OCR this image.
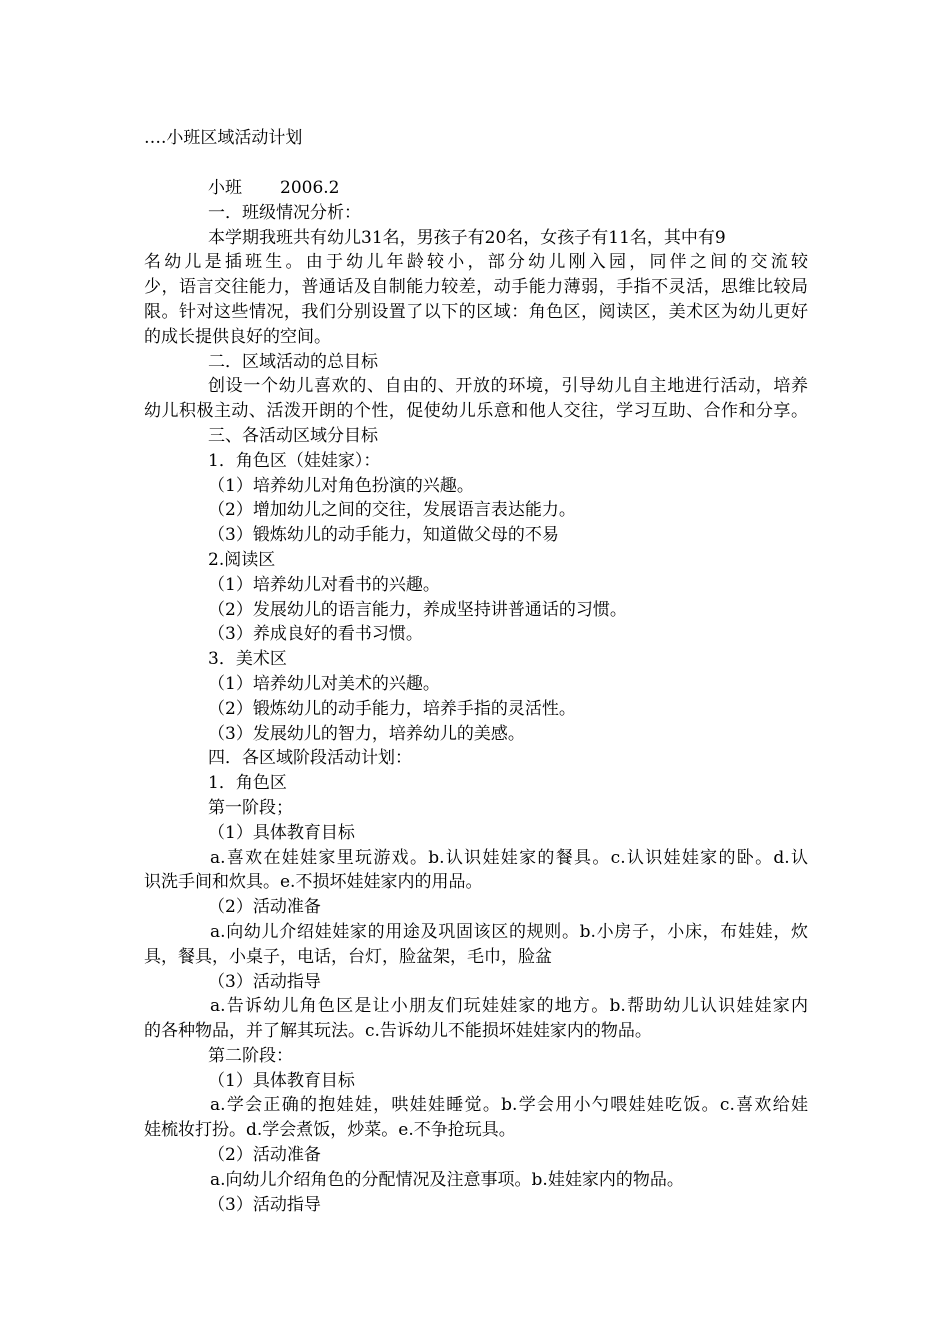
….小班区域活动计划
小班 2006.2
一．班级情况分析：
本学期我班共有幼儿31名，男孩子有20名，女孩子有11名，其中有9
名幼儿是插班生。由于幼儿年龄较小，部分幼儿刚入园，同伴之间的交流较
少，语言交往能力，普通话及自制能力较差，动手能力薄弱，手指不灵活，思维比较局
限。针对这些情况，我们分别设置了以下的区域：角色区，阅读区，美术区为幼儿更好
的成长提供良好的空间。
二．区域活动的总目标
创设一个幼儿喜欢的、自由的、开放的环境，引导幼儿自主地进行活动，培养
幼儿积极主动、活泼开朗的个性，促使幼儿乐意和他人交往，学习互助、合作和分享。
三、各活动区域分目标
1．角色区（娃娃家）：
（1）培养幼儿对角色扮演的兴趣。
（2）增加幼儿之间的交往，发展语言表达能力。
（3）锻炼幼儿的动手能力，知道做父母的不易
2.阅读区
（1）培养幼儿对看书的兴趣。
（2）发展幼儿的语言能力，养成坚持讲普通话的习惯。
（3）养成良好的看书习惯。
3．美术区
（1）培养幼儿对美术的兴趣。
（2）锻炼幼儿的动手能力，培养手指的灵活性。
（3）发展幼儿的智力，培养幼儿的美感。
四．各区域阶段活动计划：
1．角色区
第一阶段；
（1）具体教育目标
a.喜欢在娃娃家里玩游戏。b.认识娃娃家的餐具。c.认识娃娃家的卧。d.认
识洗手间和炊具。e.不损坏娃娃家内的用品。
（2）活动准备
a.向幼儿介绍娃娃家的用途及巩固该区的规则。b.小房子，小床，布娃娃，炊
具，餐具，小桌子，电话，台灯，脸盆架，毛巾，脸盆
（3）活动指导
a.告诉幼儿角色区是让小朋友们玩娃娃家的地方。b.帮助幼儿认识娃娃家内
的各种物品，并了解其玩法。c.告诉幼儿不能损坏娃娃家内的物品。
第二阶段：
（1）具体教育目标
a.学会正确的抱娃娃，哄娃娃睡觉。b.学会用小勺喂娃娃吃饭。c.喜欢给娃
娃梳妆打扮。d.学会煮饭，炒菜。e.不争抢玩具。
（2）活动准备
a.向幼儿介绍角色的分配情况及注意事项。b.娃娃家内的物品。
（3）活动指导
